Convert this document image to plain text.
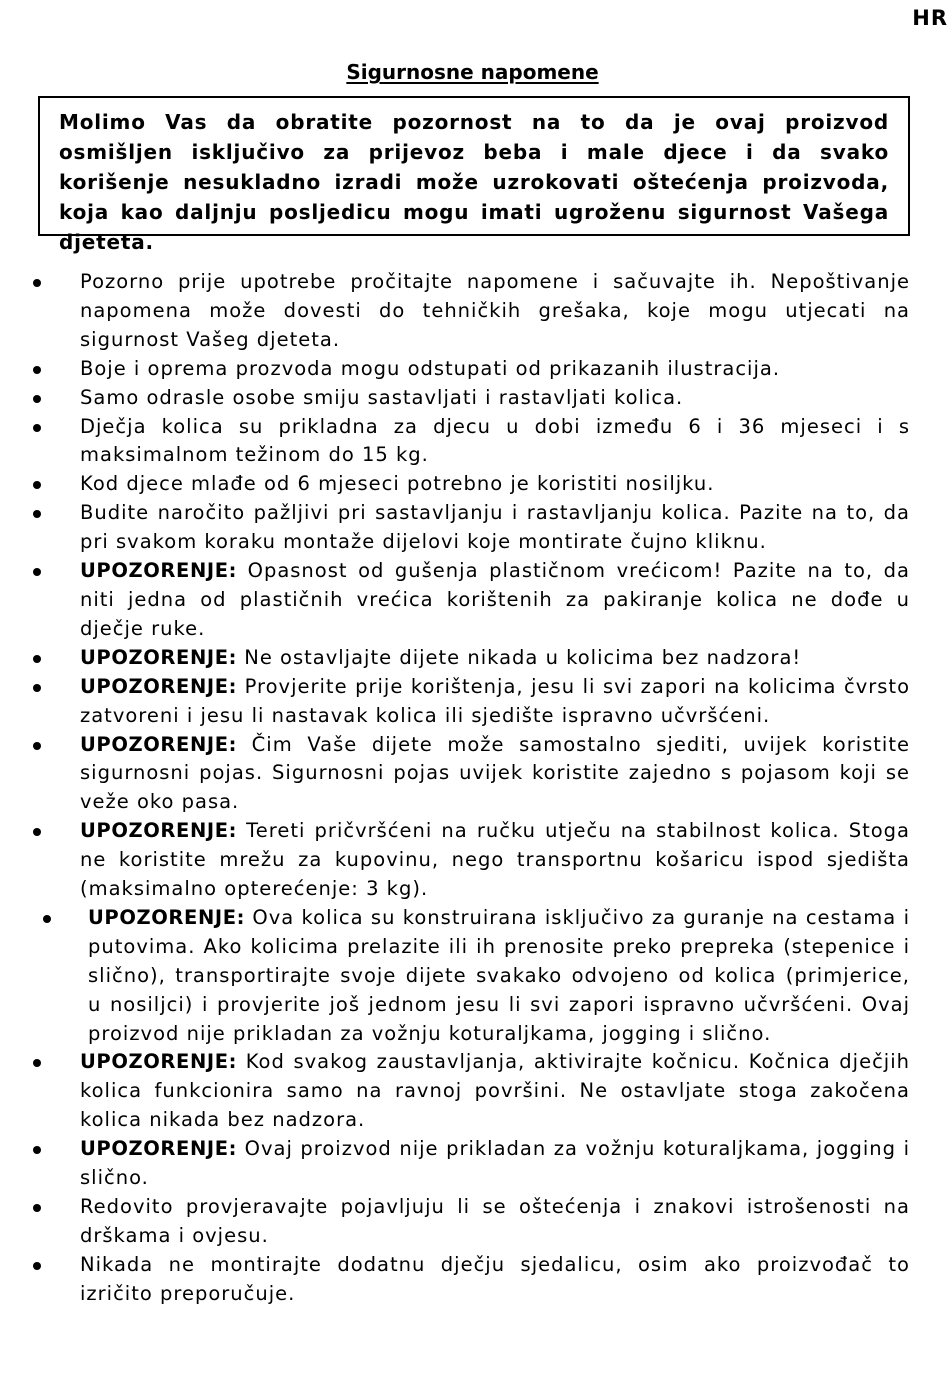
HR
Sigurnosne napomene
Molimo Vas da obratite pozornost na to da je ovaj proizvod osmišljen isključivo za prijevoz beba i male djece i da svako korišenje nesukladno izradi može uzrokovati oštećenja proizvoda, koja kao daljnju posljedicu mogu imati ugroženu sigurnost Vašega djeteta.
Pozorno prije upotrebe pročitajte napomene i sačuvajte ih. Nepoštivanje napomena može dovesti do tehničkih grešaka, koje mogu utjecati na sigurnost Vašeg djeteta.
Boje i oprema prozvoda mogu odstupati od prikazanih ilustracija.
Samo odrasle osobe smiju sastavljati i rastavljati kolica.
Dječja kolica su prikladna za djecu u dobi između 6 i 36 mjeseci i s maksimalnom težinom do 15 kg.
Kod djece mlađe od 6 mjeseci potrebno je koristiti nosiljku.
Budite naročito pažljivi pri sastavljanju i rastavljanju kolica. Pazite na to, da pri svakom koraku montaže dijelovi koje montirate čujno kliknu.
UPOZORENJE: Opasnost od gušenja plastičnom vrećicom! Pazite na to, da niti jedna od plastičnih vrećica korištenih za pakiranje kolica ne dođe u dječje ruke.
UPOZORENJE: Ne ostavljajte dijete nikada u kolicima bez nadzora!
UPOZORENJE: Provjerite prije korištenja, jesu li svi zapori na kolicima čvrsto zatvoreni i jesu li nastavak kolica ili sjedište ispravno učvršćeni.
UPOZORENJE: Čim Vaše dijete može samostalno sjediti, uvijek koristite sigurnosni pojas. Sigurnosni pojas uvijek koristite zajedno s pojasom koji se veže oko pasa.
UPOZORENJE: Tereti pričvršćeni na ručku utječu na stabilnost kolica. Stoga ne koristite mrežu za kupovinu, nego transportnu košaricu ispod sjedišta (maksimalno opterećenje: 3 kg).
UPOZORENJE: Ova kolica su konstruirana isključivo za guranje na cestama i putovima. Ako kolicima prelazite ili ih prenosite preko prepreka (stepenice i slično), transportirajte svoje dijete svakako odvojeno od kolica (primjerice, u nosiljci) i provjerite još jednom jesu li svi zapori ispravno učvršćeni. Ovaj proizvod nije prikladan za vožnju koturaljkama, jogging i slično.
UPOZORENJE: Kod svakog zaustavljanja, aktivirajte kočnicu. Kočnica dječjih kolica funkcionira samo na ravnoj površini. Ne ostavljate stoga zakočena kolica nikada bez nadzora.
UPOZORENJE: Ovaj proizvod nije prikladan za vožnju koturaljkama, jogging i slično.
Redovito provjeravajte pojavljuju li se oštećenja i znakovi istrošenosti na drškama i ovjesu.
Nikada ne montirajte dodatnu dječju sjedalicu, osim ako proizvođač to izričito preporučuje.
